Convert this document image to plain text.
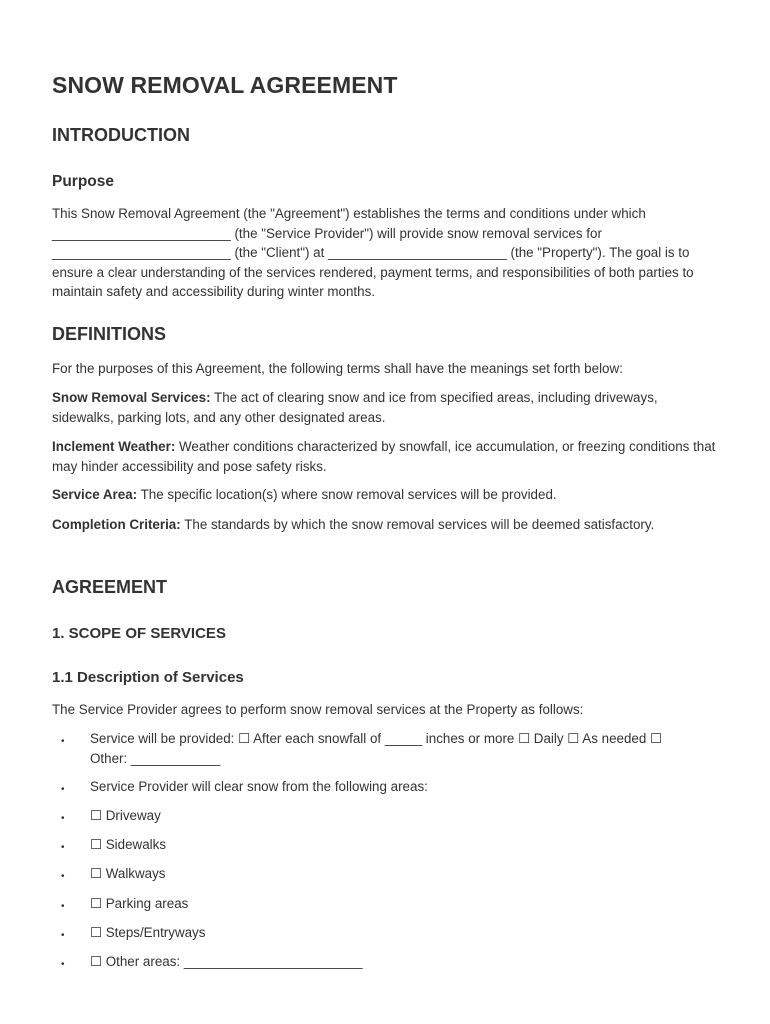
SNOW REMOVAL AGREEMENT
INTRODUCTION
Purpose

This Snow Removal Agreement (the "Agreement") establishes the terms and conditions under which ________________________ (the "Service Provider") will provide snow removal services for ________________________ (the "Client") at ________________________ (the "Property"). The goal is to ensure a clear understanding of the services rendered, payment terms, and responsibilities of both parties to maintain safety and accessibility during winter months.

DEFINITIONS

For the purposes of this Agreement, the following terms shall have the meanings set forth below:

Snow Removal Services: The act of clearing snow and ice from specified areas, including driveways, sidewalks, parking lots, and any other designated areas.

Inclement Weather: Weather conditions characterized by snowfall, ice accumulation, or freezing conditions that may hinder accessibility and pose safety risks.

Service Area: The specific location(s) where snow removal services will be provided.

Completion Criteria: The standards by which the snow removal services will be deemed satisfactory.

AGREEMENT
1. SCOPE OF SERVICES
1.1 Description of Services

The Service Provider agrees to perform snow removal services at the Property as follows:

• Service will be provided: ☐ After each snowfall of _____ inches or more ☐ Daily ☐ As needed ☐ Other: ____________
• Service Provider will clear snow from the following areas:
• ☐ Driveway
• ☐ Sidewalks
• ☐ Walkways
• ☐ Parking areas
• ☐ Steps/Entryways
• ☐ Other areas: ________________________
